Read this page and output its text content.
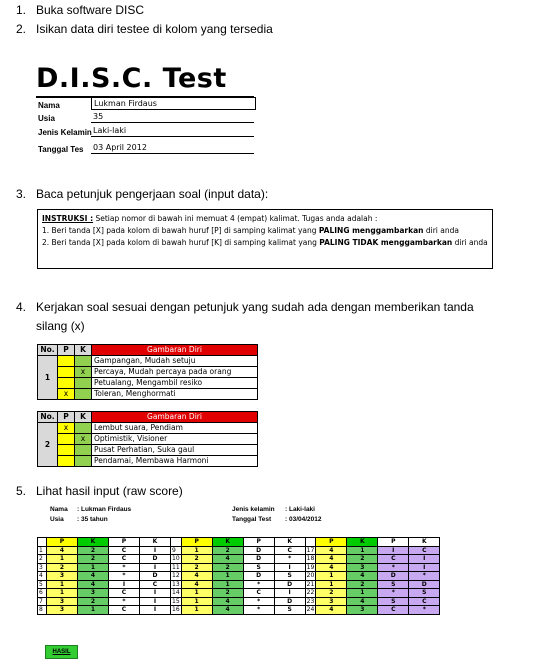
1. Buka software DISC
2. Isikan data diri testee di kolom yang tersedia
D.I.S.C. Test
Nama	Lukman Firdaus
Usia	35
Jenis Kelamin Laki-laki
Tanggal Tes 03 April 2012
3. Baca petunjuk pengerjaan soal (input data):
INSTRUKSI : Setiap nomor di bawah ini memuat 4 (empat) kalimat. Tugas anda adalah :
1. Beri tanda [X] pada kolom di bawah huruf [P] di samping kalimat yang PALING menggambarkan diri anda
2. Beri tanda [X] pada kolom di bawah huruf [K] di samping kalimat yang PALING TIDAK menggambarkan diri anda
4. Kerjakan soal sesuai dengan petunjuk yang sudah ada dengan memberikan tanda
silang (x)
No.	P	K	Gambaran Diri
1			Gampangan, Mudah setuju
		x	Percaya, Mudah percaya pada orang
			Petualang, Mengambil resiko
	x		Toleran, Menghormati
No.	P	K	Gambaran Diri
2	x		Lembut suara, Pendiam
		x	Optimistik, Visioner
			Pusat Perhatian, Suka gaul
			Pendamai, Membawa Harmoni
5. Lihat hasil input (raw score)
Nama : Lukman Firdaus
Usia : 35 tahun
Jenis kelamin : Laki-laki
Tanggal Test : 03/04/2012
	P	K	P	K		P	K	P	K		P	K	P	K
1	4	2	C	I	9	1	2	D	C	17	4	1	I	C
2	1	2	C	D	10	2	4	D	*	18	4	2	C	I
3	2	1	*	I	11	2	2	S	I	19	4	3	*	I
4	3	4	*	D	12	4	1	D	S	20	1	4	D	*
5	1	4	I	C	13	4	1	*	D	21	1	2	S	D
6	1	3	C	I	14	1	2	C	I	22	2	1	*	S
7	3	2	*	I	15	1	4	*	D	23	3	4	S	C
8	3	1	C	I	16	1	4	*	S	24	4	3	C	*
HASIL
